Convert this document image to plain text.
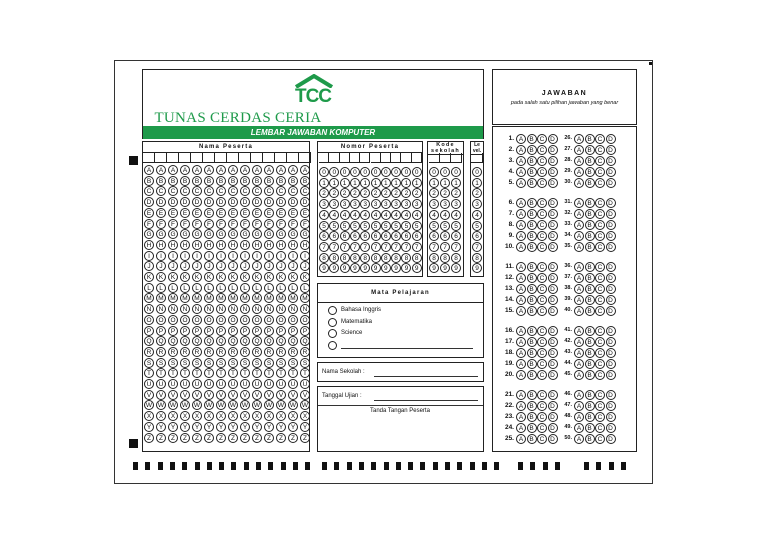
TCC
TUNAS CERDAS CERIA
LEMBAR JAWABAN KOMPUTER
JAWABAN
pada salah satu pilihan jawaban yang benar
Nama Peserta
A
B
C
D
E
F
G
H
I
J
K
L
M
N
O
P
Q
R
S
T
U
V
W
X
Y
Z
A
B
C
D
E
F
G
H
I
J
K
L
M
N
O
P
Q
R
S
T
U
V
W
X
Y
Z
A
B
C
D
E
F
G
H
I
J
K
L
M
N
O
P
Q
R
S
T
U
V
W
X
Y
Z
A
B
C
D
E
F
G
H
I
J
K
L
M
N
O
P
Q
R
S
T
U
V
W
X
Y
Z
A
B
C
D
E
F
G
H
I
J
K
L
M
N
O
P
Q
R
S
T
U
V
W
X
Y
Z
A
B
C
D
E
F
G
H
I
J
K
L
M
N
O
P
Q
R
S
T
U
V
W
X
Y
Z
A
B
C
D
E
F
G
H
I
J
K
L
M
N
O
P
Q
R
S
T
U
V
W
X
Y
Z
A
B
C
D
E
F
G
H
I
J
K
L
M
N
O
P
Q
R
S
T
U
V
W
X
Y
Z
A
B
C
D
E
F
G
H
I
J
K
L
M
N
O
P
Q
R
S
T
U
V
W
X
Y
Z
A
B
C
D
E
F
G
H
I
J
K
L
M
N
O
P
Q
R
S
T
U
V
W
X
Y
Z
A
B
C
D
E
F
G
H
I
J
K
L
M
N
O
P
Q
R
S
T
U
V
W
X
Y
Z
A
B
C
D
E
F
G
H
I
J
K
L
M
N
O
P
Q
R
S
T
U
V
W
X
Y
Z
A
B
C
D
E
F
G
H
I
J
K
L
M
N
O
P
Q
R
S
T
U
V
W
X
Y
Z
A
B
C
D
E
F
G
H
I
J
K
L
M
N
O
P
Q
R
S
T
U
V
W
X
Y
Z
Nomor Peserta	Kode sekolah
Le vel.
0
1
2
3
4
5
6
7
8
9
0
1
2
3
4
5
6
7
8
9
0
1
2
3
4
5
6
7
8
9
0
1
2
3
4
5
6
7
8
9
0
1
2
3
4
5
6
7
8
9
0
1
2
3
4
5
6
7
8
9
0
1
2
3
4
5
6
7
8
9
0
1
2
3
4
5
6
7
8
9
0
1
2
3
4
5
6
7
8
9
0
1
2
3
4
5
6
7
8
9
0
1
2
3
4
5
6
7
8
9
0
1
2
3
4
5
6
7
8
9
0
1
2
3
4
5
6
7
8
9
0
1
2
3
4
5
6
7
8
9
Mata Pelajaran
Bahasa Inggris
Matematika
Science
Nama Sekolah :
Tanggal Ujian :
Tanda Tangan Peserta
1. A B C D
2. A B C D
3. A B C D
4. A B C D
5. A B C D
6. A B C D
7. A B C D
8. A B C D
9. A B C D
10. A B C D
11. A B C D
12. A B C D
13. A B C D
14. A B C D
15. A B C D
16. A B C D
17. A B C D
18. A B C D
19. A B C D
20. A B C D
21. A B C D
22. A B C D
23. A B C D
24. A B C D
25. A B C D
26. A B C D
27. A B C D
28. A B C D
29. A B C D
30. A B C D
31. A B C D
32. A B C D
33. A B C D
34. A B C D
35. A B C D
36. A B C D
37. A B C D
38. A B C D
39. A B C D
40. A B C D
41. A B C D
42. A B C D
43. A B C D
44. A B C D
45. A B C D
46. A B C D
47. A B C D
48. A B C D
49. A B C D
50. A B C D
